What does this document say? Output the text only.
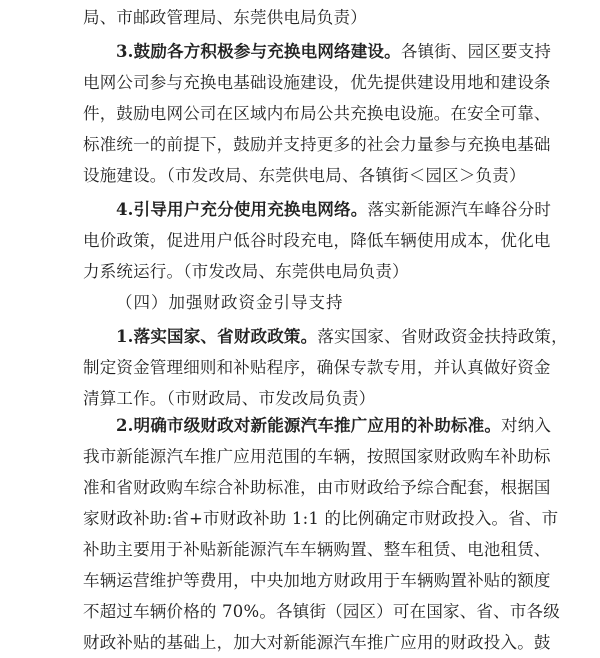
局、市邮政管理局、东莞供电局负责）
3.鼓励各方积极参与充换电网络建设。各镇街、园区要支持
电网公司参与充换电基础设施建设，优先提供建设用地和建设条
件，鼓励电网公司在区域内布局公共充换电设施。在安全可靠、
标准统一的前提下，鼓励并支持更多的社会力量参与充换电基础
设施建设。（市发改局、东莞供电局、各镇街＜园区＞负责）
4.引导用户充分使用充换电网络。落实新能源汽车峰谷分时
电价政策，促进用户低谷时段充电，降低车辆使用成本，优化电
力系统运行。（市发改局、东莞供电局负责）
（四）加强财政资金引导支持
1.落实国家、省财政政策。落实国家、省财政资金扶持政策，
制定资金管理细则和补贴程序，确保专款专用，并认真做好资金
清算工作。（市财政局、市发改局负责）
2.明确市级财政对新能源汽车推广应用的补助标准。对纳入
我市新能源汽车推广应用范围的车辆，按照国家财政购车补助标
准和省财政购车综合补助标准，由市财政给予综合配套，根据国
家财政补助:省+市财政补助 1:1 的比例确定市财政投入。省、市
补助主要用于补贴新能源汽车车辆购置、整车租赁、电池租赁、
车辆运营维护等费用，中央加地方财政用于车辆购置补贴的额度
不超过车辆价格的 70%。各镇街（园区）可在国家、省、市各级
财政补贴的基础上，加大对新能源汽车推广应用的财政投入。鼓
